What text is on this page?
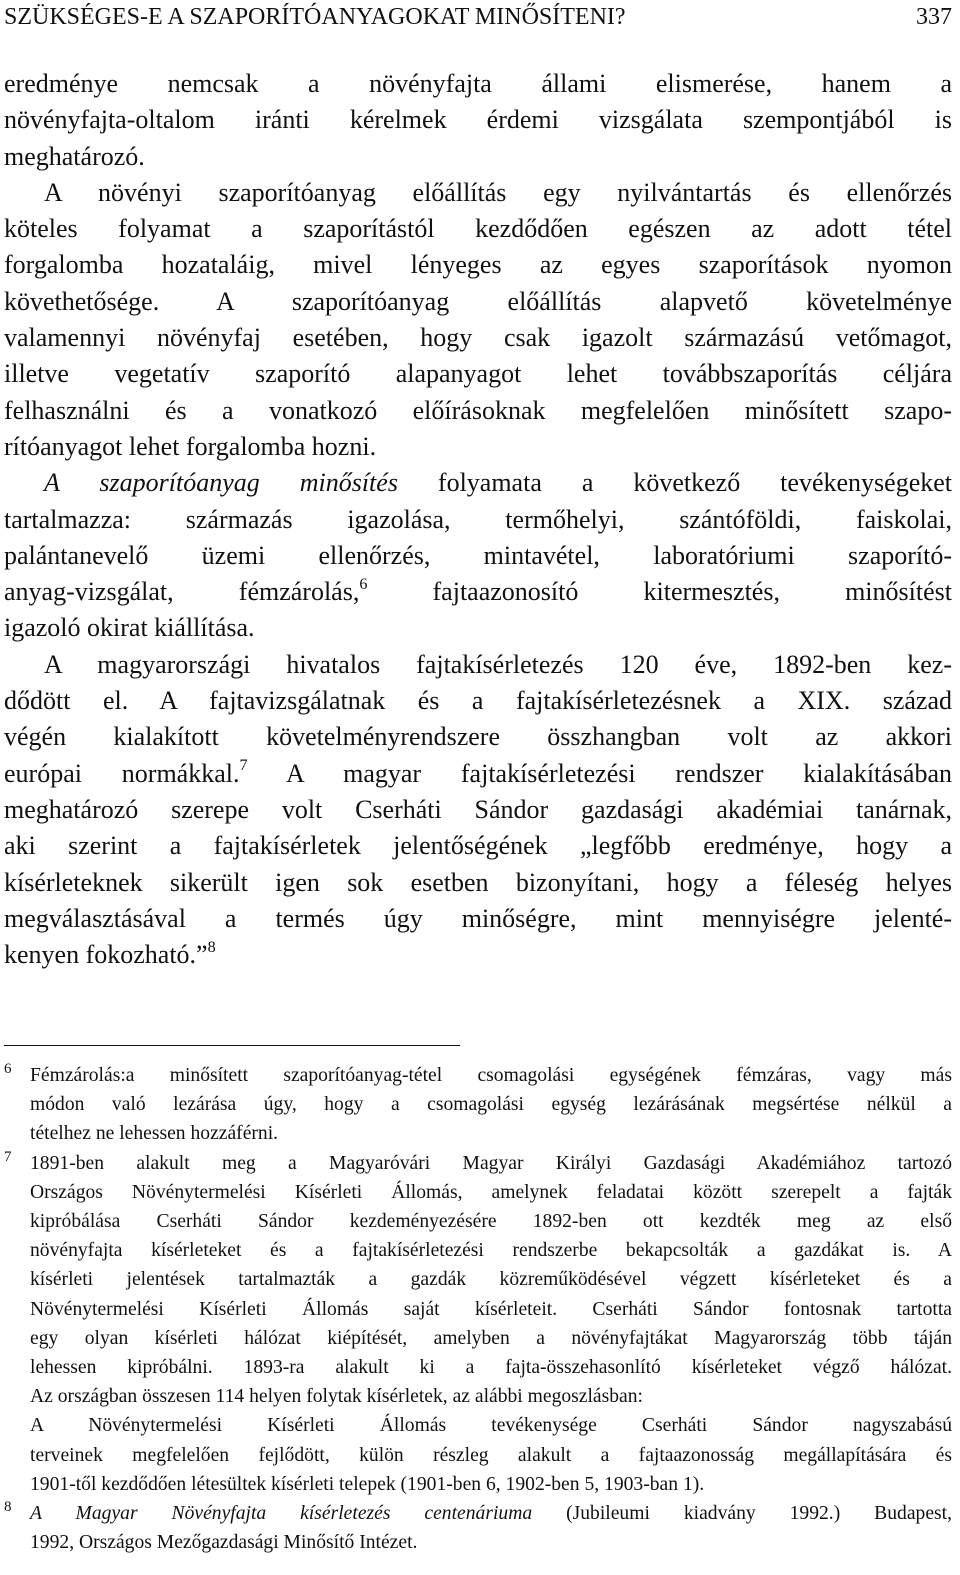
SZÜKSÉGES-E A SZAPORÍTÓANYAGOKAT MINŐSÍTENI?	337

eredménye nemcsak a növényfajta állami elismerése, hanem a
növényfajta-oltalom iránti kérelmek érdemi vizsgálata szempontjából is
meghatározó.

A növényi szaporítóanyag előállítás egy nyilvántartás és ellenőrzés
köteles folyamat a szaporítástól kezdődően egészen az adott tétel
forgalomba hozataláig, mivel lényeges az egyes szaporítások nyomon
követhetősége. A szaporítóanyag előállítás alapvető követelménye
valamennyi növényfaj esetében, hogy csak igazolt származású vetőmagot,
illetve vegetatív szaporító alapanyagot lehet továbbszaporítás céljára
felhasználni és a vonatkozó előírásoknak megfelelően minősített szapo-
rítóanyagot lehet forgalomba hozni.

A szaporítóanyag minősítés folyamata a következő tevékenységeket
tartalmazza: származás igazolása, termőhelyi, szántóföldi, faiskolai,
palántanevelő üzemi ellenőrzés, mintavétel, laboratóriumi szaporító-
anyag-vizsgálat, fémzárolás,$^6$ fajtaazonosító kitermesztés, minősítést
igazoló okirat kiállítása.

A magyarországi hivatalos fajtakísérletezés 120 éve, 1892-ben kez-
dődött el. A fajtavizsgálatnak és a fajtakísérletezésnek a XIX. század
végén kialakított követelményrendszere összhangban volt az akkori
európai normákkal.$^7$ A magyar fajtakísérletezési rendszer kialakításában
meghatározó szerepe volt Cserháti Sándor gazdasági akadémiai tanárnak,
aki szerint a fajtakísérletek jelentőségének „legfőbb eredménye, hogy a
kísérleteknek sikerült igen sok esetben bizonyítani, hogy a féleség helyes
megválasztásával a termés úgy minőségre, mint mennyiségre jelenté-
kenyen fokozható.”$^8$

6 Fémzárolás:a minősített szaporítóanyag-tétel csomagolási egységének fémzáras, vagy más
módon való lezárása úgy, hogy a csomagolási egység lezárásának megsértése nélkül a
tételhez ne lehessen hozzáférni.
7 1891-ben alakult meg a Magyaróvári Magyar Királyi Gazdasági Akadémiához tartozó
Országos Növénytermelési Kísérleti Állomás, amelynek feladatai között szerepelt a fajták
kipróbálása Cserháti Sándor kezdeményezésére 1892-ben ott kezdték meg az első
növényfajta kísérleteket és a fajtakísérletezési rendszerbe bekapcsolták a gazdákat is. A
kísérleti jelentések tartalmazták a gazdák közreműködésével végzett kísérleteket és a
Növénytermelési Kísérleti Állomás saját kísérleteit. Cserháti Sándor fontosnak tartotta
egy olyan kísérleti hálózat kiépítését, amelyben a növényfajtákat Magyarország több táján
lehessen kipróbálni. 1893-ra alakult ki a fajta-összehasonlító kísérleteket végző hálózat.
Az országban összesen 114 helyen folytak kísérletek, az alábbi megoszlásban:
A Növénytermelési Kísérleti Állomás tevékenysége Cserháti Sándor nagyszabású
terveinek megfelelően fejlődött, külön részleg alakult a fajtaazonosság megállapítására és
1901-től kezdődően létesültek kísérleti telepek (1901-ben 6, 1902-ben 5, 1903-ban 1).
8 A Magyar Növényfajta kísérletezés centenáriuma (Jubileumi kiadvány 1992.) Budapest,
1992, Országos Mezőgazdasági Minősítő Intézet.
